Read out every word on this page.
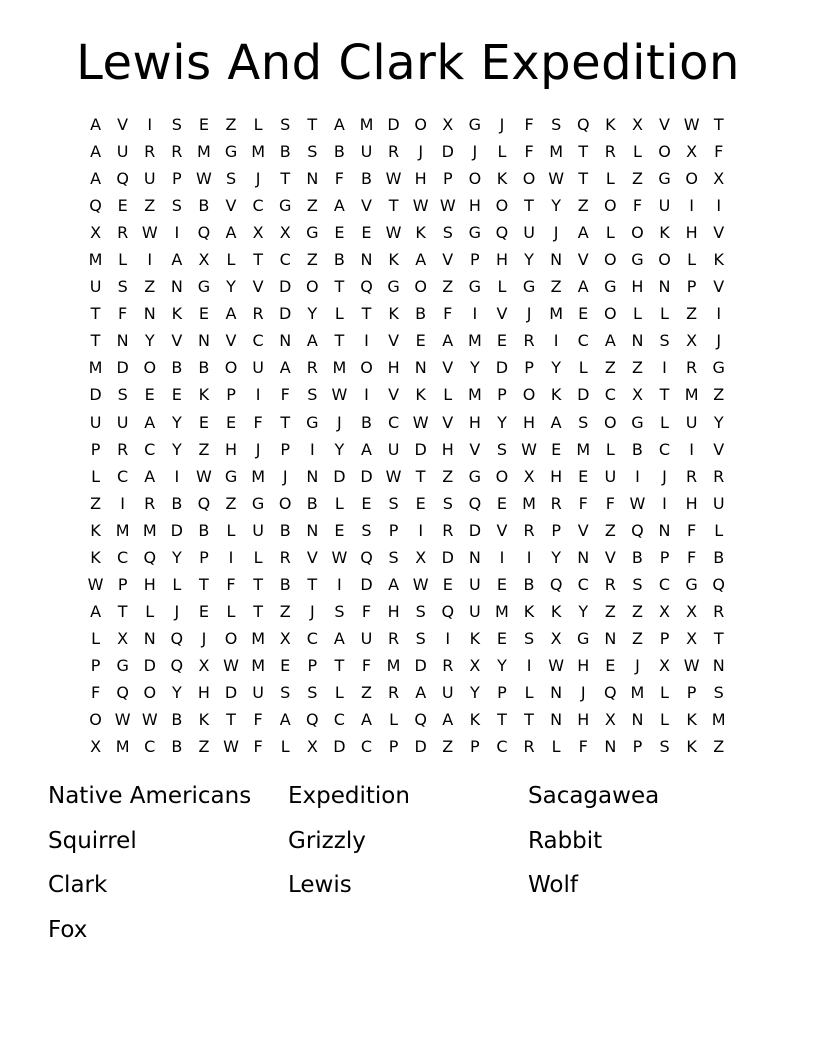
Lewis And Clark Expedition
A	V	I	S	E	Z	L	S	T	A M D O X G	J	F	S Q K	X	V W T
A U R R M G M B	S	B U R	J	D	J	L	F M T	R	L	O X	F
A Q U	P W S	J	T	N	F	B W H	P O K O W T	L	Z G O X
Q E	Z	S	B	V	C G Z	A	V	T W W H O T	Y	Z O	F	U	I	I
X	R W	I	Q A	X	X G E	E W K	S G Q U	J	A	L	O K H V
M L	I	A	X	L	T	C	Z	B N K	A	V	P	H	Y	N V O G O	L	K
U	S	Z N G	Y	V D O T Q G O Z G	L	G Z	A G H N	P	V
T	F	N K	E	A	R D	Y	L	T	K	B	F	I	V	J	M E O	L	L	Z	I
T	N	Y	V N V	C N A	T	I	V	E	A M E	R	I	C	A N	S	X	J
M D O B	B O U A	R M O H N V	Y	D	P	Y	L	Z	Z	I	R G
D S	E	E	K	P	I	F	S W	I	V	K	L M P O K D C	X	T M Z
U U A	Y	E	E	F	T	G	J	B	C W V H	Y	H A	S O G	L	U	Y
P	R C	Y	Z H	J	P	I	Y	A U D H V	S W E M L	B	C	I	V
L	C	A	I	W G M	J	N D D W T	Z G O X H	E	U	I	J	R R
Z	I	R	B Q Z G O B	L	E	S	E	S Q E M R	F	F W	I	H U
K M M D B	L	U B N	E	S	P	I	R D V	R	P	V	Z Q N	F	L
K	C Q Y	P	I	L	R	V W Q S	X D N	I	I	Y	N V	B	P	F	B
W P	H	L	T	F	T	B	T	I	D A W E	U	E	B Q C R	S	C G Q
A	T	L	J	E	L	T	Z	J	S	F	H	S Q U M K	K	Y	Z	Z	X	X	R
L	X N Q	J	O M X	C	A U R	S	I	K	E	S	X G N Z	P	X	T
P	G D Q X W M E	P	T	F M D R	X	Y	I	W H	E	J	X W N
F	Q O Y	H D U	S	S	L	Z	R	A U	Y	P	L	N	J	Q M L	P	S
O W W B	K	T	F	A Q C	A	L	Q A	K	T	T	N H X N	L	K M
X M C	B	Z W F	L	X D C	P	D Z	P	C R	L	F	N	P	S	K	Z
Native Americans	Expedition	Sacagawea
Squirrel	Grizzly	Rabbit
Clark	Lewis	Wolf
Fox
